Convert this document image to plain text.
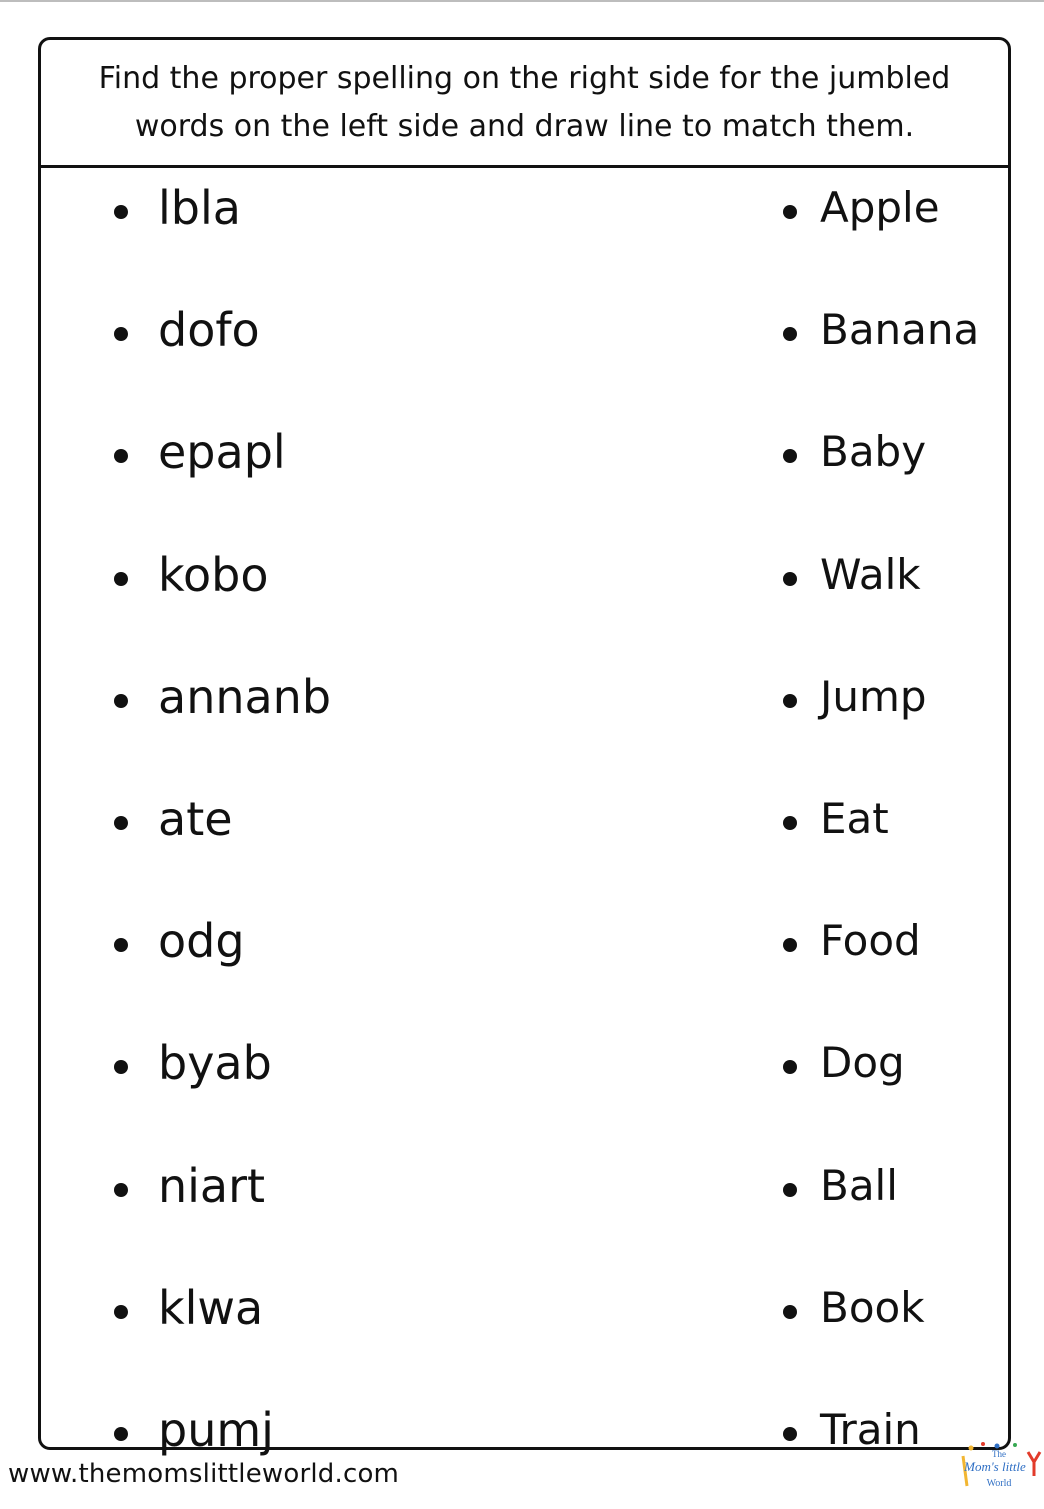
Find the proper spelling on the right side for the jumbled words on the left side and draw line to match them.
lbla
dofo
epapl
kobo
annanb
ate
odg
byab
niart
klwa
pumj
Apple
Banana
Baby
Walk
Jump
Eat
Food
Dog
Ball
Book
Train
www.themomslittleworld.com
The
Mom's little
World
